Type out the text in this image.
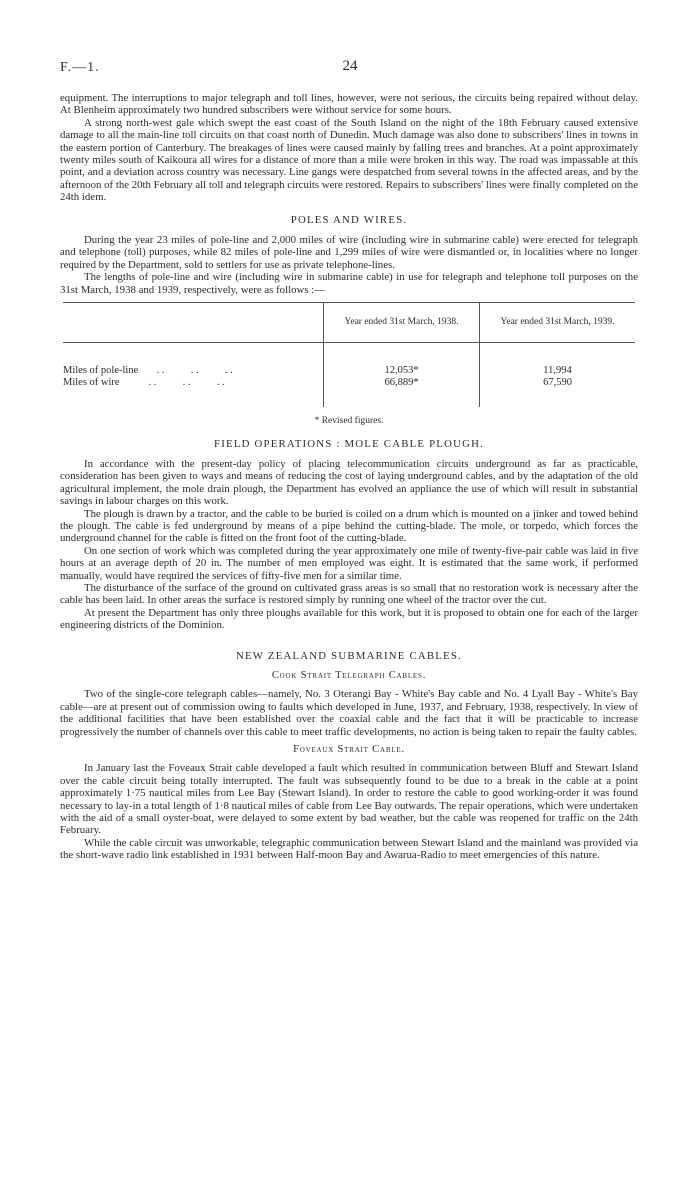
F.—1.	24

equipment. The interruptions to major telegraph and toll lines, however, were not serious, the circuits being repaired without delay. At Blenheim approximately two hundred subscribers were without service for some hours.

A strong north-west gale which swept the east coast of the South Island on the night of the 18th February caused extensive damage to all the main-line toll circuits on that coast north of Dunedin. Much damage was also done to subscribers' lines in towns in the eastern portion of Canterbury. The breakages of lines were caused mainly by falling trees and branches. At a point approximately twenty miles south of Kaikoura all wires for a distance of more than a mile were broken in this way. The road was impassable at this point, and a deviation across country was necessary. Line gangs were despatched from several towns in the affected areas, and by the afternoon of the 20th February all toll and telegraph circuits were restored. Repairs to subscribers' lines were finally completed on the 24th idem.

POLES AND WIRES.

During the year 23 miles of pole-line and 2,000 miles of wire (including wire in submarine cable) were erected for telegraph and telephone (toll) purposes, while 82 miles of pole-line and 1,299 miles of wire were dismantled or, in localities where no longer required by the Department, sold to settlers for use as private telephone-lines.

The lengths of pole-line and wire (including wire in submarine cable) in use for telegraph and telephone toll purposes on the 31st March, 1938 and 1939, respectively, were as follows :—

	Year ended 31st March, 1938.	Year ended 31st March, 1939.
Miles of pole-line . .          . .          . .	12,053*	11,994
Miles of wire . .          . .          . .	66,889*	67,590
* Revised figures.
FIELD OPERATIONS : MOLE CABLE PLOUGH.

In accordance with the present-day policy of placing telecommunication circuits underground as far as practicable, consideration has been given to ways and means of reducing the cost of laying underground cables, and by the adaptation of the old agricultural implement, the mole drain plough, the Department has evolved an appliance the use of which will result in substantial savings in labour charges on this work.

The plough is drawn by a tractor, and the cable to be buried is coiled on a drum which is mounted on a jinker and towed behind the plough. The cable is fed underground by means of a pipe behind the cutting-blade. The mole, or torpedo, which forces the underground channel for the cable is fitted on the front foot of the cutting-blade.

On one section of work which was completed during the year approximately one mile of twenty-five-pair cable was laid in five hours at an average depth of 20 in. The number of men employed was eight. It is estimated that the same work, if performed manually, would have required the services of fifty-five men for a similar time.

The disturbance of the surface of the ground on cultivated grass areas is so small that no restoration work is necessary after the cable has been laid. In other areas the surface is restored simply by running one wheel of the tractor over the cut.

At present the Department has only three ploughs available for this work, but it is proposed to obtain one for each of the larger engineering districts of the Dominion.

NEW ZEALAND SUBMARINE CABLES.
Cook Strait Telegraph Cables.

Two of the single-core telegraph cables—namely, No. 3 Oterangi Bay - White's Bay cable and No. 4 Lyall Bay - White's Bay cable—are at present out of commission owing to faults which developed in June, 1937, and February, 1938, respectively. In view of the additional facilities that have been established over the coaxial cable and the fact that it will be practicable to increase progressively the number of channels over this cable to meet traffic developments, no action is being taken to repair the faulty cables.

Foveaux Strait Cable.

In January last the Foveaux Strait cable developed a fault which resulted in communication between Bluff and Stewart Island over the cable circuit being totally interrupted. The fault was subsequently found to be due to a break in the cable at a point approximately 1·75 nautical miles from Lee Bay (Stewart Island). In order to restore the cable to good working-order it was found necessary to lay-in a total length of 1·8 nautical miles of cable from Lee Bay outwards. The repair operations, which were undertaken with the aid of a small oyster-boat, were delayed to some extent by bad weather, but the cable was reopened for traffic on the 24th February.

While the cable circuit was unworkable, telegraphic communication between Stewart Island and the mainland was provided via the short-wave radio link established in 1931 between Half-moon Bay and Awarua-Radio to meet emergencies of this nature.
